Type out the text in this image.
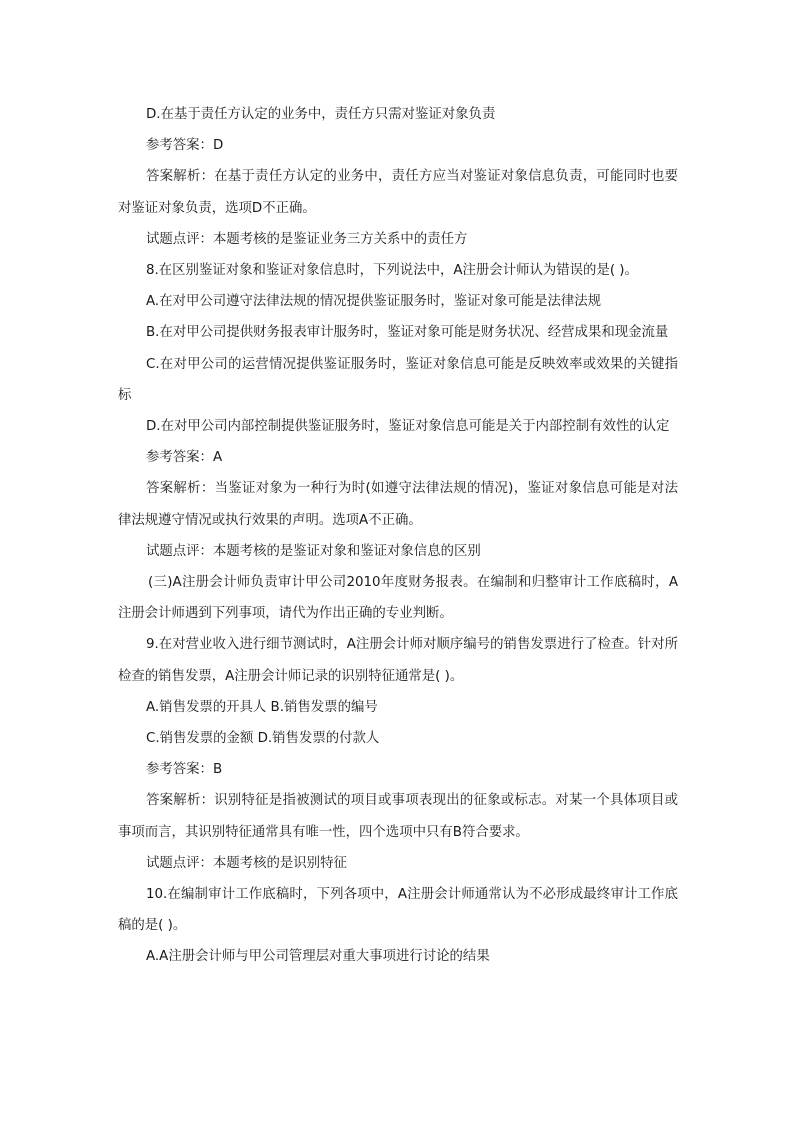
D.在基于责任方认定的业务中，责任方只需对鉴证对象负责

参考答案：D

答案解析：在基于责任方认定的业务中，责任方应当对鉴证对象信息负责，可能同时也要对鉴证对象负责，选项D不正确。

试题点评：本题考核的是鉴证业务三方关系中的责任方

8.在区别鉴证对象和鉴证对象信息时，下列说法中，A注册会计师认为错误的是( )。

A.在对甲公司遵守法律法规的情况提供鉴证服务时，鉴证对象可能是法律法规

B.在对甲公司提供财务报表审计服务时，鉴证对象可能是财务状况、经营成果和现金流量

C.在对甲公司的运营情况提供鉴证服务时，鉴证对象信息可能是反映效率或效果的关键指标

D.在对甲公司内部控制提供鉴证服务时，鉴证对象信息可能是关于内部控制有效性的认定

参考答案：A

答案解析：当鉴证对象为一种行为时(如遵守法律法规的情况)，鉴证对象信息可能是对法律法规遵守情况或执行效果的声明。选项A不正确。

试题点评：本题考核的是鉴证对象和鉴证对象信息的区别

(三)A注册会计师负责审计甲公司2010年度财务报表。在编制和归整审计工作底稿时，A注册会计师遇到下列事项，请代为作出正确的专业判断。

9.在对营业收入进行细节测试时，A注册会计师对顺序编号的销售发票进行了检查。针对所检查的销售发票，A注册会计师记录的识别特征通常是( )。

A.销售发票的开具人 B.销售发票的编号

C.销售发票的金额 D.销售发票的付款人

参考答案：B

答案解析：识别特征是指被测试的项目或事项表现出的征象或标志。对某一个具体项目或事项而言，其识别特征通常具有唯一性，四个选项中只有B符合要求。

试题点评：本题考核的是识别特征

10.在编制审计工作底稿时，下列各项中，A注册会计师通常认为不必形成最终审计工作底稿的是( )。

A.A注册会计师与甲公司管理层对重大事项进行讨论的结果
